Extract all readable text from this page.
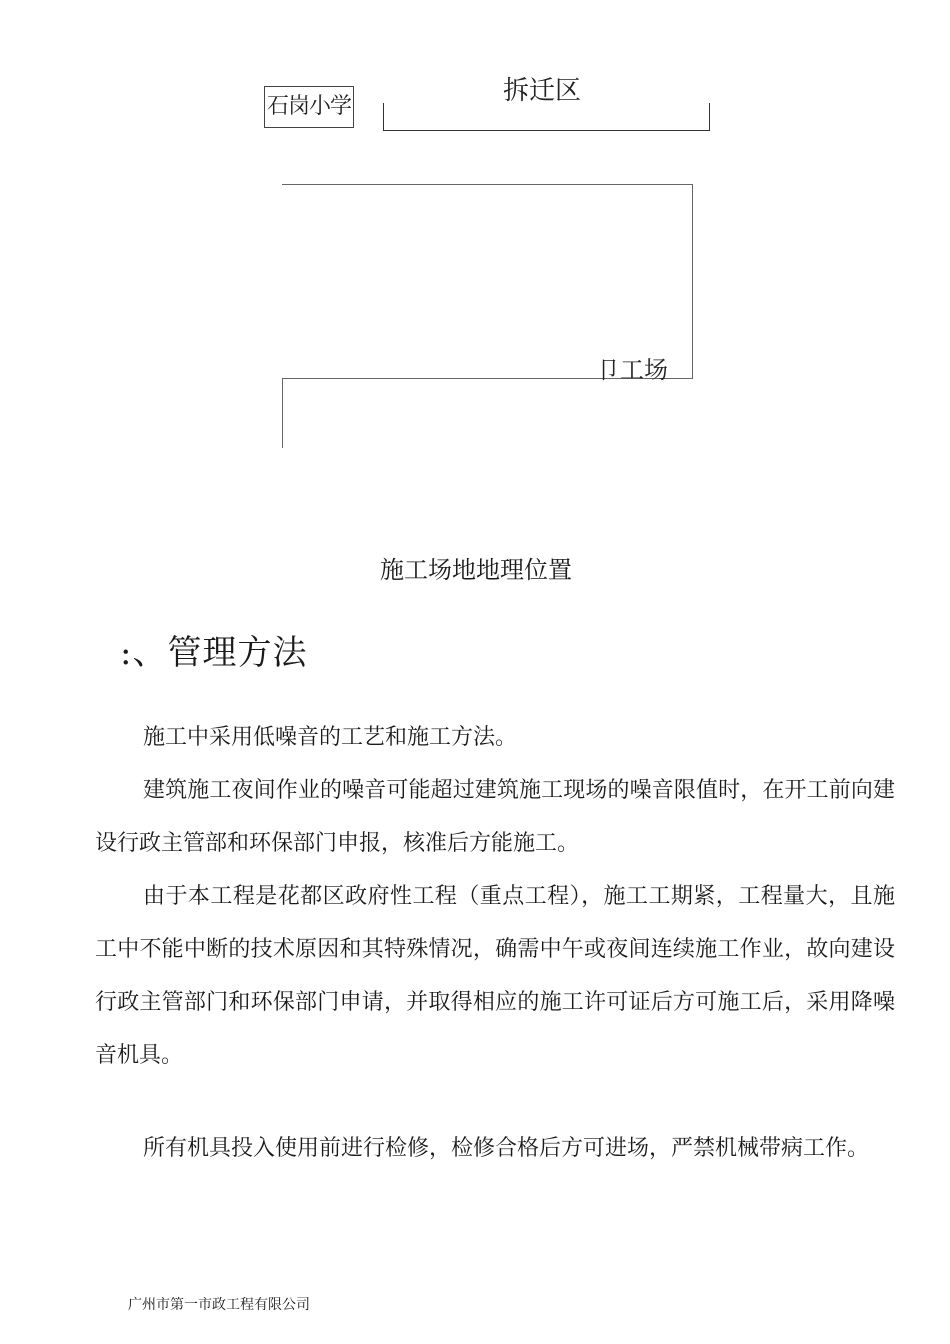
石岗小学
拆迁区
卩工场
施工场地地理位置
:、管理方法

施工中采用低噪音的工艺和施工方法。

建筑施工夜间作业的噪音可能超过建筑施工现场的噪音限值时，在开工前向建设行政主管部和环保部门申报，核准后方能施工。

由于本工程是花都区政府性工程（重点工程），施工工期紧，工程量大，且施工中不能中断的技术原因和其特殊情况，确需中午或夜间连续施工作业，故向建设行政主管部门和环保部门申请，并取得相应的施工许可证后方可施工后，采用降噪音机具。

所有机具投入使用前进行检修，检修合格后方可进场，严禁机械带病工作。

广州市第一市政工程有限公司
